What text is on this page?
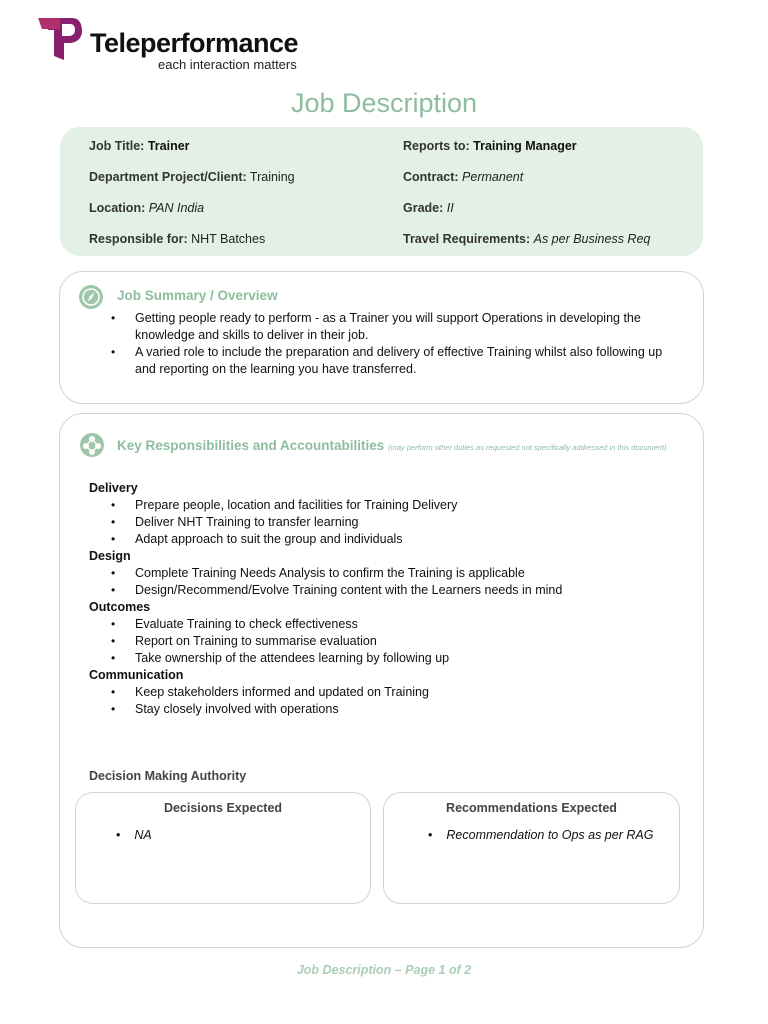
Teleperformance
each interaction matters
Job Description
Job Title: Trainer	Reports to: Training Manager
Department Project/Client: Training	Contract: Permanent
Location: PAN India	Grade: II
Responsible for: NHT Batches	Travel Requirements: As per Business Req
Job Summary / Overview
• Getting people ready to perform - as a Trainer you will support Operations in developing the knowledge and skills to deliver in their job.
• A varied role to include the preparation and delivery of effective Training whilst also following up and reporting on the learning you have transferred.
Key Responsibilities and Accountabilities (may perform other duties as requested not specifically addressed in this document)
Delivery
• Prepare people, location and facilities for Training Delivery
• Deliver NHT Training to transfer learning
• Adapt approach to suit the group and individuals
Design
• Complete Training Needs Analysis to confirm the Training is applicable
• Design/Recommend/Evolve Training content with the Learners needs in mind
Outcomes
• Evaluate Training to check effectiveness
• Report on Training to summarise evaluation
• Take ownership of the attendees learning by following up
Communication
• Keep stakeholders informed and updated on Training
• Stay closely involved with operations
Decision Making Authority
Decisions Expected
• NA
Recommendations Expected
• Recommendation to Ops as per RAG
Job Description – Page 1 of 2
